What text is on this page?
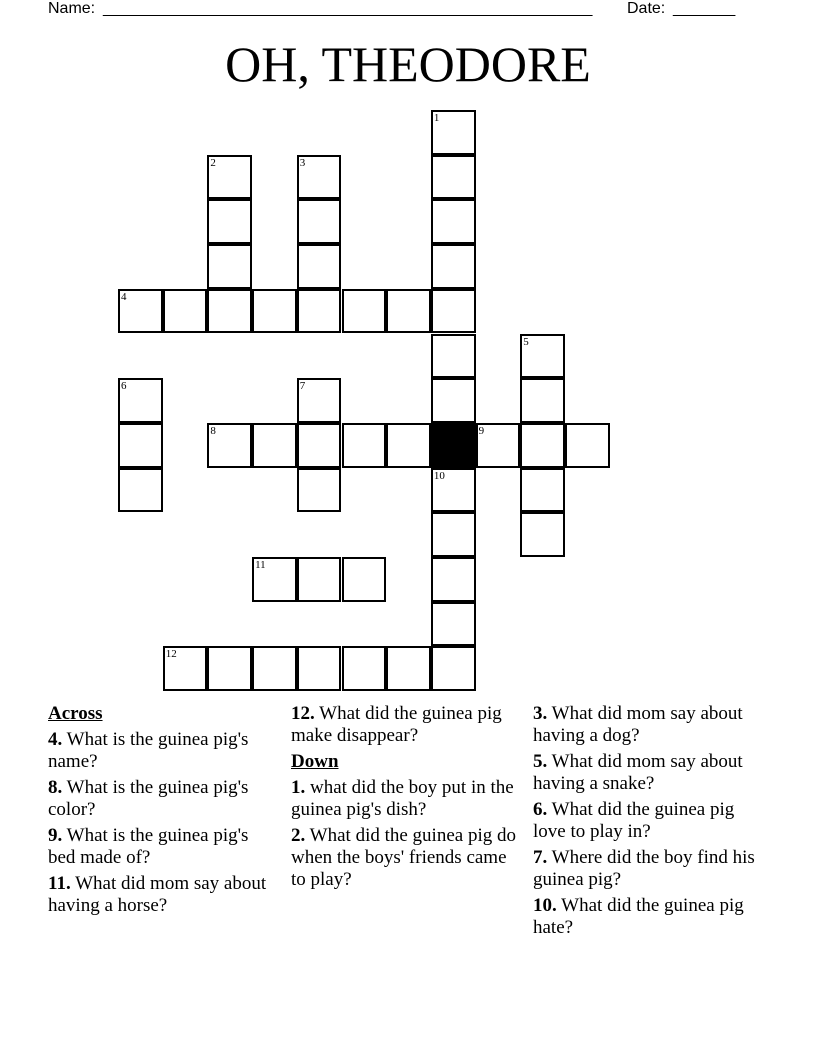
Name: _______________________________________________________ Date: _______
OH, THEODORE
1
2	3
4
5
6	7
8	9
10
11
12
Across
4. What is the guinea pig's name?
8. What is the guinea pig's color?
9. What is the guinea pig's bed made of?
11. What did mom say about having a horse?
12. What did the guinea pig make disappear?
Down
1. what did the boy put in the guinea pig's dish?
2. What did the guinea pig do when the boys' friends came to play?
3. What did mom say about having a dog?
5. What did mom say about having a snake?
6. What did the guinea pig love to play in?
7. Where did the boy find his guinea pig?
10. What did the guinea pig hate?
